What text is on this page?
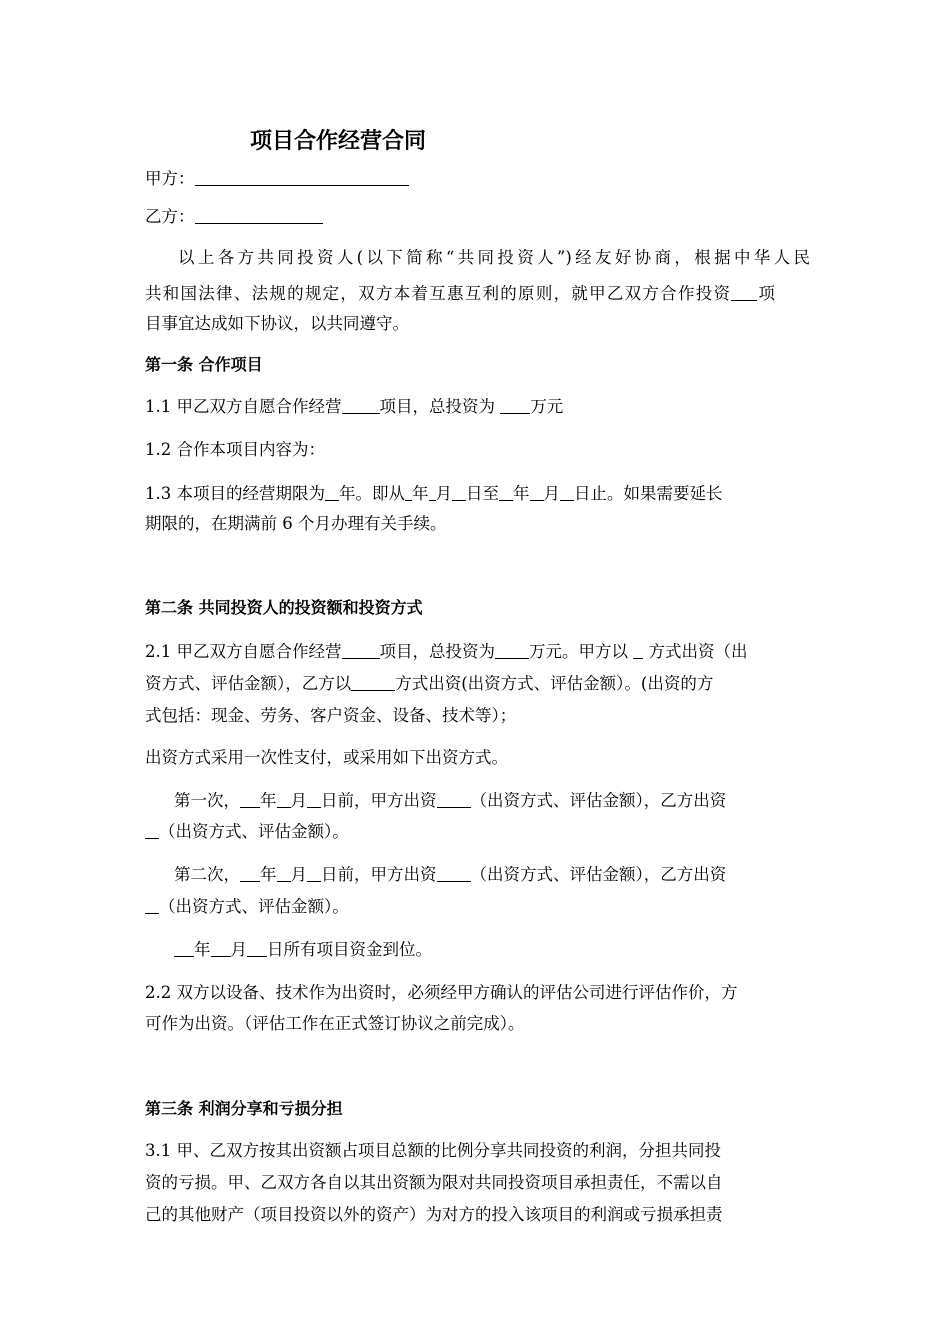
项目合作经营合同
甲方：
乙方：
以上各方共同投资人(以下简称“共同投资人”)经友好协商，根据中华人民
共和国法律、法规的规定，双方本着互惠互利的原则，就甲乙双方合作投资 项
目事宜达成如下协议，以共同遵守。
第一条 合作项目
1.1 甲乙双方自愿合作经营 项目，总投资为 万元
1.2 合作本项目内容为：
1.3 本项目的经营期限为 年。即从 年 月 日至 年 月 日止。如果需要延长
期限的，在期满前 6 个月办理有关手续。
第二条 共同投资人的投资额和投资方式
2.1 甲乙双方自愿合作经营 项目，总投资为 万元。甲方以  方式出资（出
资方式、评估金额），乙方以	方式出资(出资方式、评估金额）。(出资的方
式包括：现金、劳务、客户资金、设备、技术等）；
出资方式采用一次性支付，或采用如下出资方式。
第一次， 年 月 日前，甲方出资 （出资方式、评估金额），乙方出资
（出资方式、评估金额）。
第二次， 年 月 日前，甲方出资 （出资方式、评估金额），乙方出资
（出资方式、评估金额）。
年 月 日所有项目资金到位。
2.2 双方以设备、技术作为出资时，必须经甲方确认的评估公司进行评估作价，方
可作为出资。（评估工作在正式签订协议之前完成）。
第三条 利润分享和亏损分担
3.1 甲、乙双方按其出资额占项目总额的比例分享共同投资的利润，分担共同投
资的亏损。甲、乙双方各自以其出资额为限对共同投资项目承担责任，不需以自
己的其他财产（项目投资以外的资产）为对方的投入该项目的利润或亏损承担责
